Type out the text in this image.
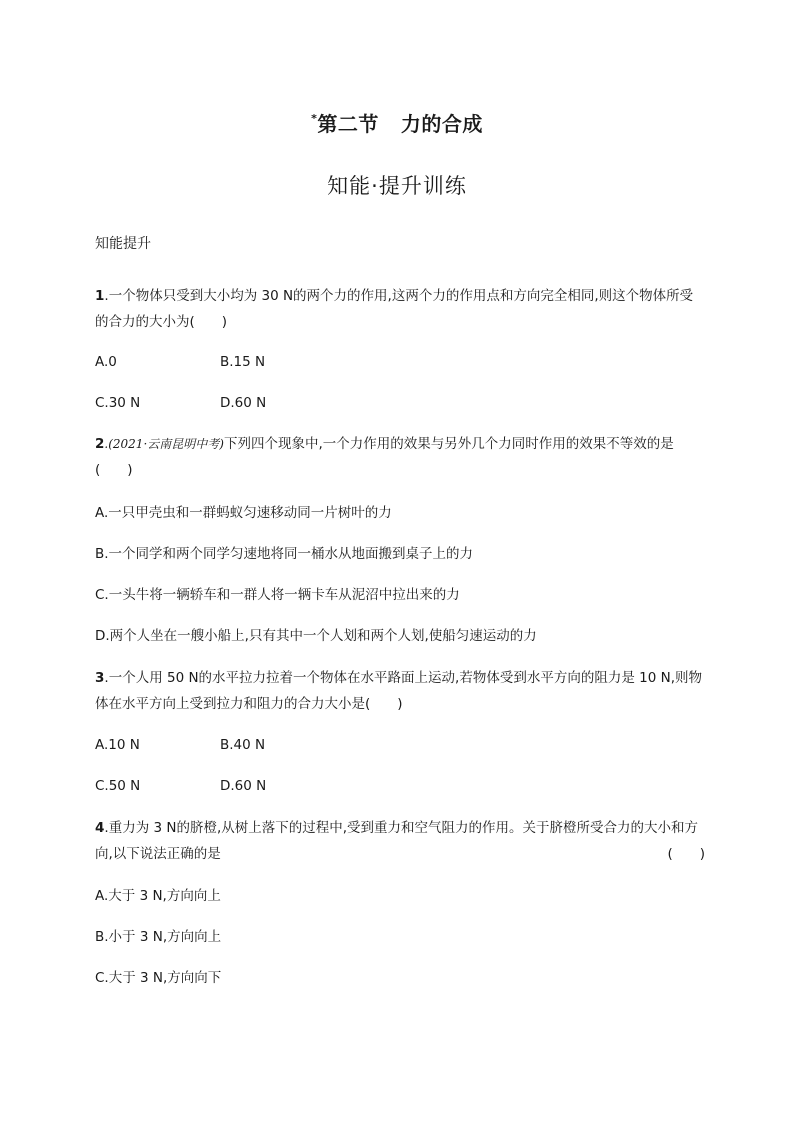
*第二节 力的合成
知能·提升训练
知能提升
1.一个物体只受到大小均为 30 N的两个力的作用,这两个力的作用点和方向完全相同,则这个物体所受的合力的大小为(　　)
A.0	B.15 N
C.30 N	D.60 N
2.(2021·云南昆明中考)下列四个现象中,一个力作用的效果与另外几个力同时作用的效果不等效的是(　　)
A.一只甲壳虫和一群蚂蚁匀速移动同一片树叶的力
B.一个同学和两个同学匀速地将同一桶水从地面搬到桌子上的力
C.一头牛将一辆轿车和一群人将一辆卡车从泥沼中拉出来的力
D.两个人坐在一艘小船上,只有其中一个人划和两个人划,使船匀速运动的力
3.一个人用 50 N的水平拉力拉着一个物体在水平路面上运动,若物体受到水平方向的阻力是 10 N,则物体在水平方向上受到拉力和阻力的合力大小是(　　)
A.10 N	B.40 N
C.50 N	D.60 N
4.重力为 3 N的脐橙,从树上落下的过程中,受到重力和空气阻力的作用。关于脐橙所受合力的大小和方向,以下说法正确的是	(　　)
A.大于 3 N,方向向上
B.小于 3 N,方向向上
C.大于 3 N,方向向下
